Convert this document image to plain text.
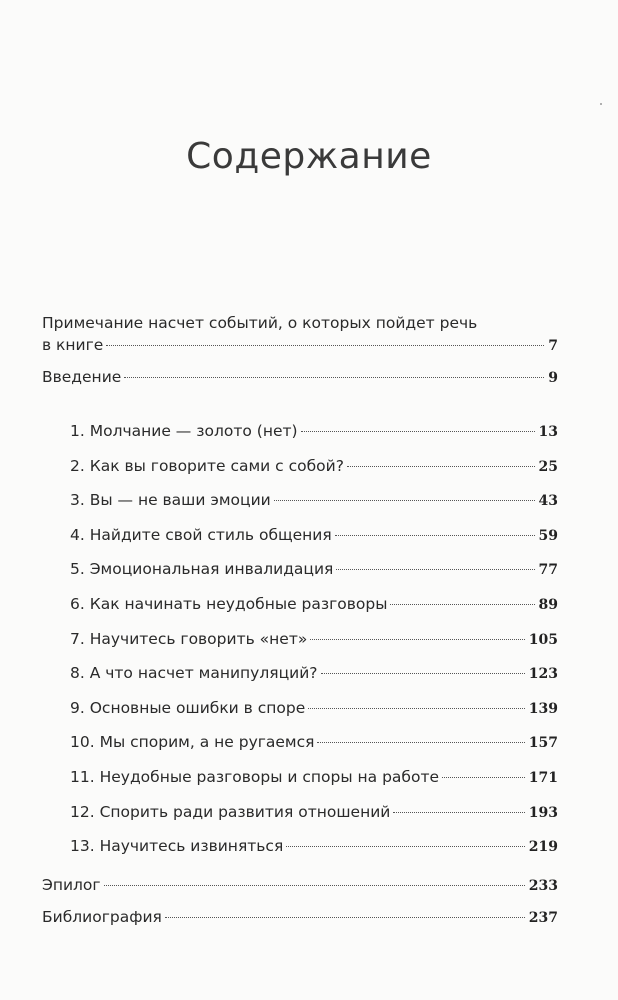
Содержание
Примечание насчет событий, о которых пойдет речь
в книге	7
Введение	9
1. Молчание — золото (нет)	13
2. Как вы говорите сами с собой?	25
3. Вы — не ваши эмоции	43
4. Найдите свой стиль общения	59
5. Эмоциональная инвалидация	77
6. Как начинать неудобные разговоры	89
7. Научитесь говорить «нет»	105
8. А что насчет манипуляций?	123
9. Основные ошибки в споре	139
10. Мы спорим, а не ругаемся	157
11. Неудобные разговоры и споры на работе	171
12. Спорить ради развития отношений	193
13. Научитесь извиняться	219
Эпилог	233
Библиография	237
